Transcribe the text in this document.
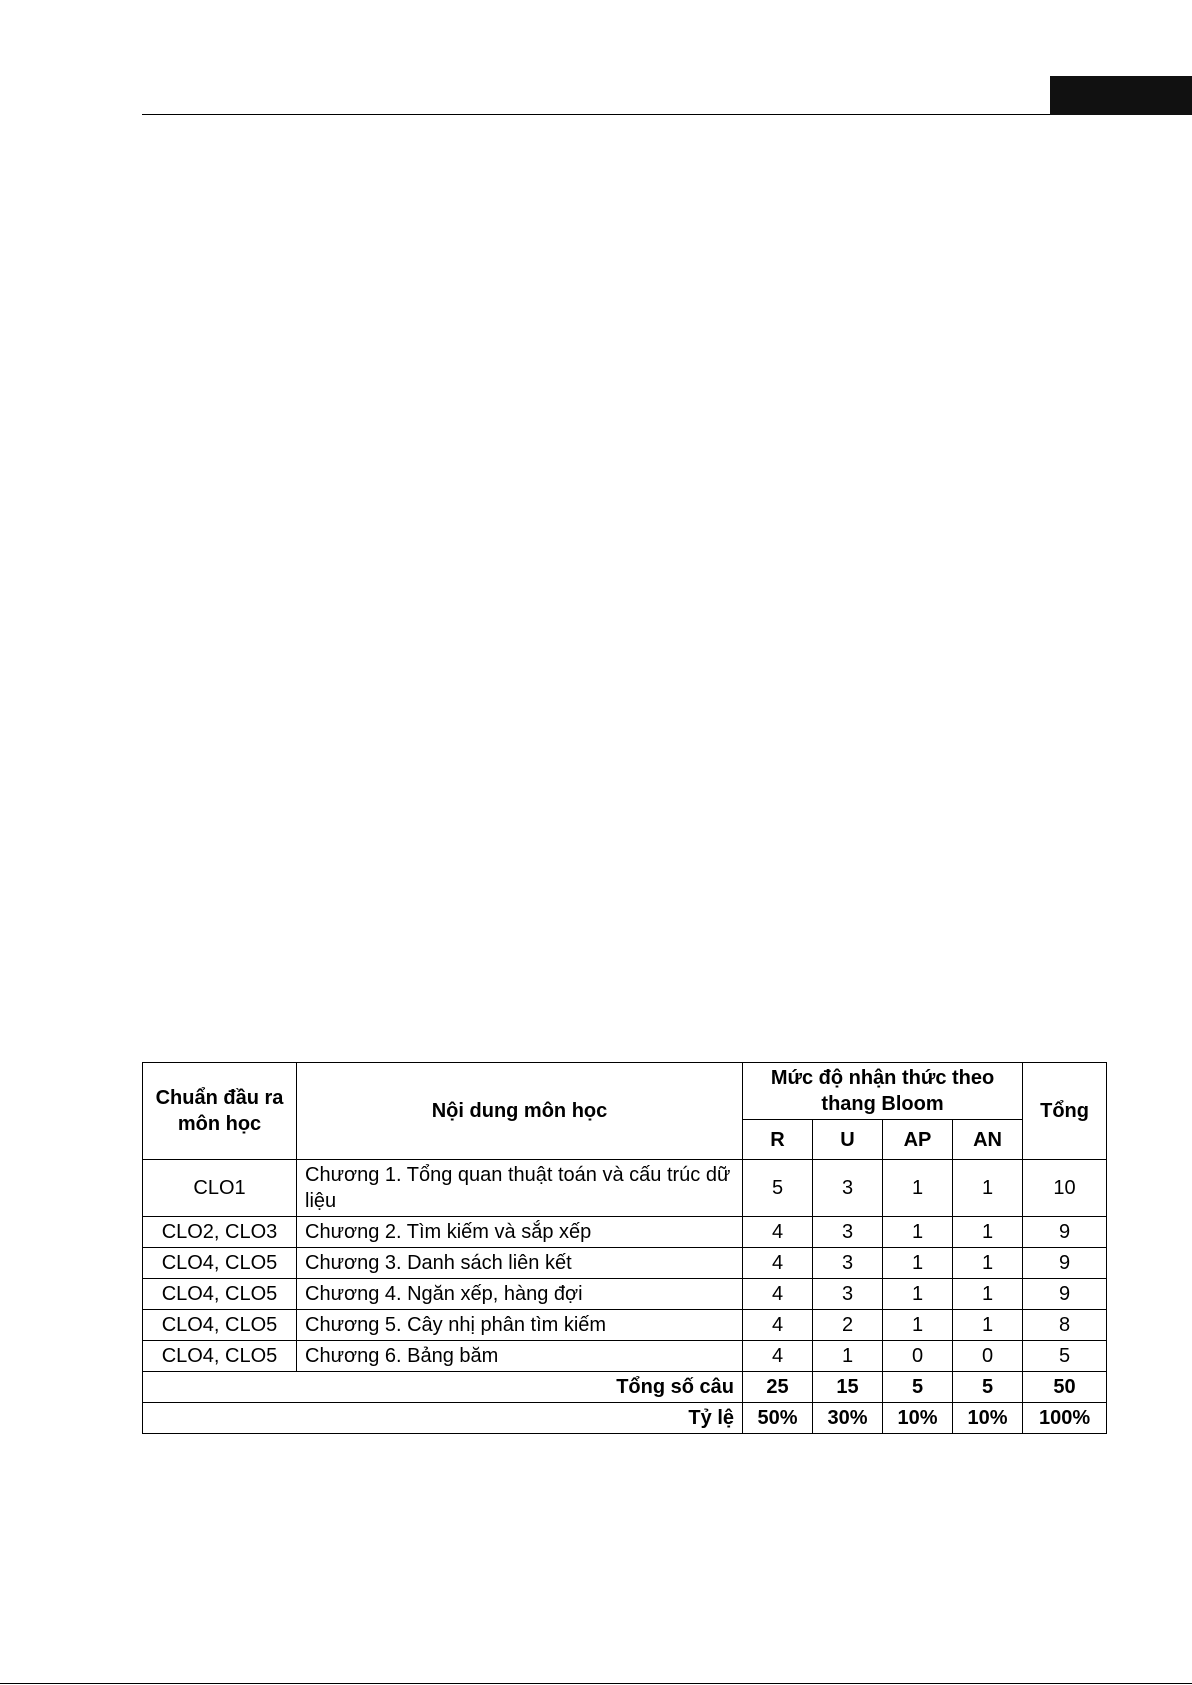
Chuẩn đầu ra môn học	Nội dung môn học	Mức độ nhận thức theo thang Bloom				Tổng
		R	U	AP	AN	
CLO1	Chương 1. Tổng quan thuật toán và cấu trúc dữ liệu	5	3	1	1	10
CLO2, CLO3	Chương 2. Tìm kiếm và sắp xếp	4	3	1	1	9
CLO4, CLO5	Chương 3. Danh sách liên kết	4	3	1	1	9
CLO4, CLO5	Chương 4. Ngăn xếp, hàng đợi	4	3	1	1	9
CLO4, CLO5	Chương 5. Cây nhị phân tìm kiếm	4	2	1	1	8
CLO4, CLO5	Chương 6. Bảng băm	4	1	0	0	5
Tổng số câu		25	15	5	5	50
Tỷ lệ		50%	30%	10%	10%	100%
